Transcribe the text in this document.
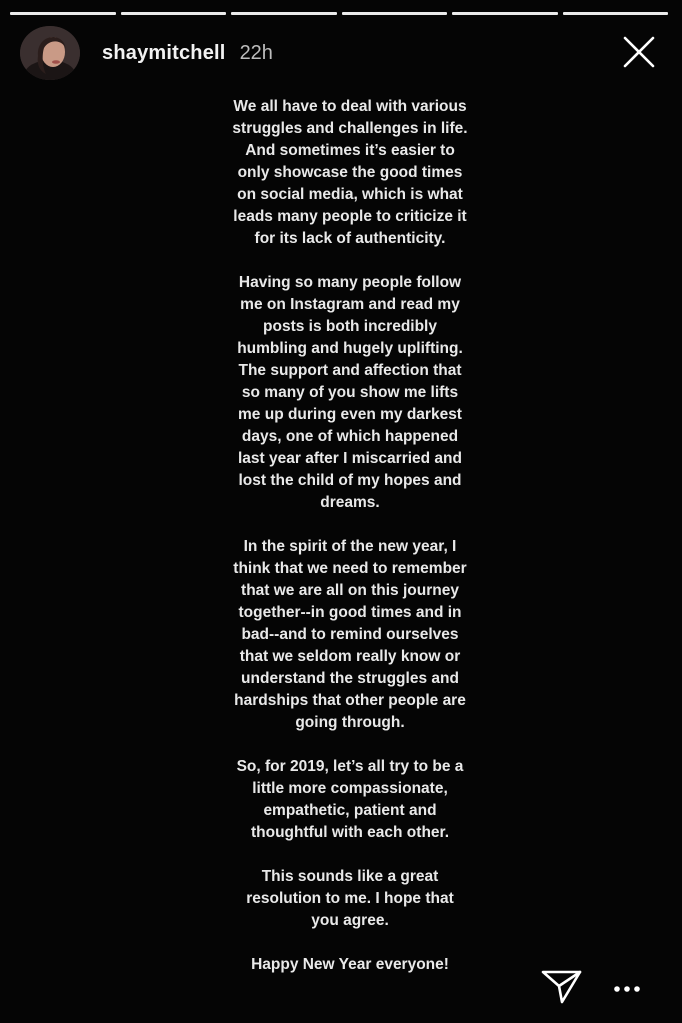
shaymitchell 22h

We all have to deal with various
struggles and challenges in life.
And sometimes it’s easier to
only showcase the good times
on social media, which is what
leads many people to criticize it
for its lack of authenticity.

Having so many people follow
me on Instagram and read my
posts is both incredibly
humbling and hugely uplifting.
The support and affection that
so many of you show me lifts
me up during even my darkest
days, one of which happened
last year after I miscarried and
lost the child of my hopes and
dreams.

In the spirit of the new year, I
think that we need to remember
that we are all on this journey
together--in good times and in
bad--and to remind ourselves
that we seldom really know or
understand the struggles and
hardships that other people are
going through.

So, for 2019, let’s all try to be a
little more compassionate,
empathetic, patient and
thoughtful with each other.

This sounds like a great
resolution to me. I hope that
you agree.

Happy New Year everyone!
